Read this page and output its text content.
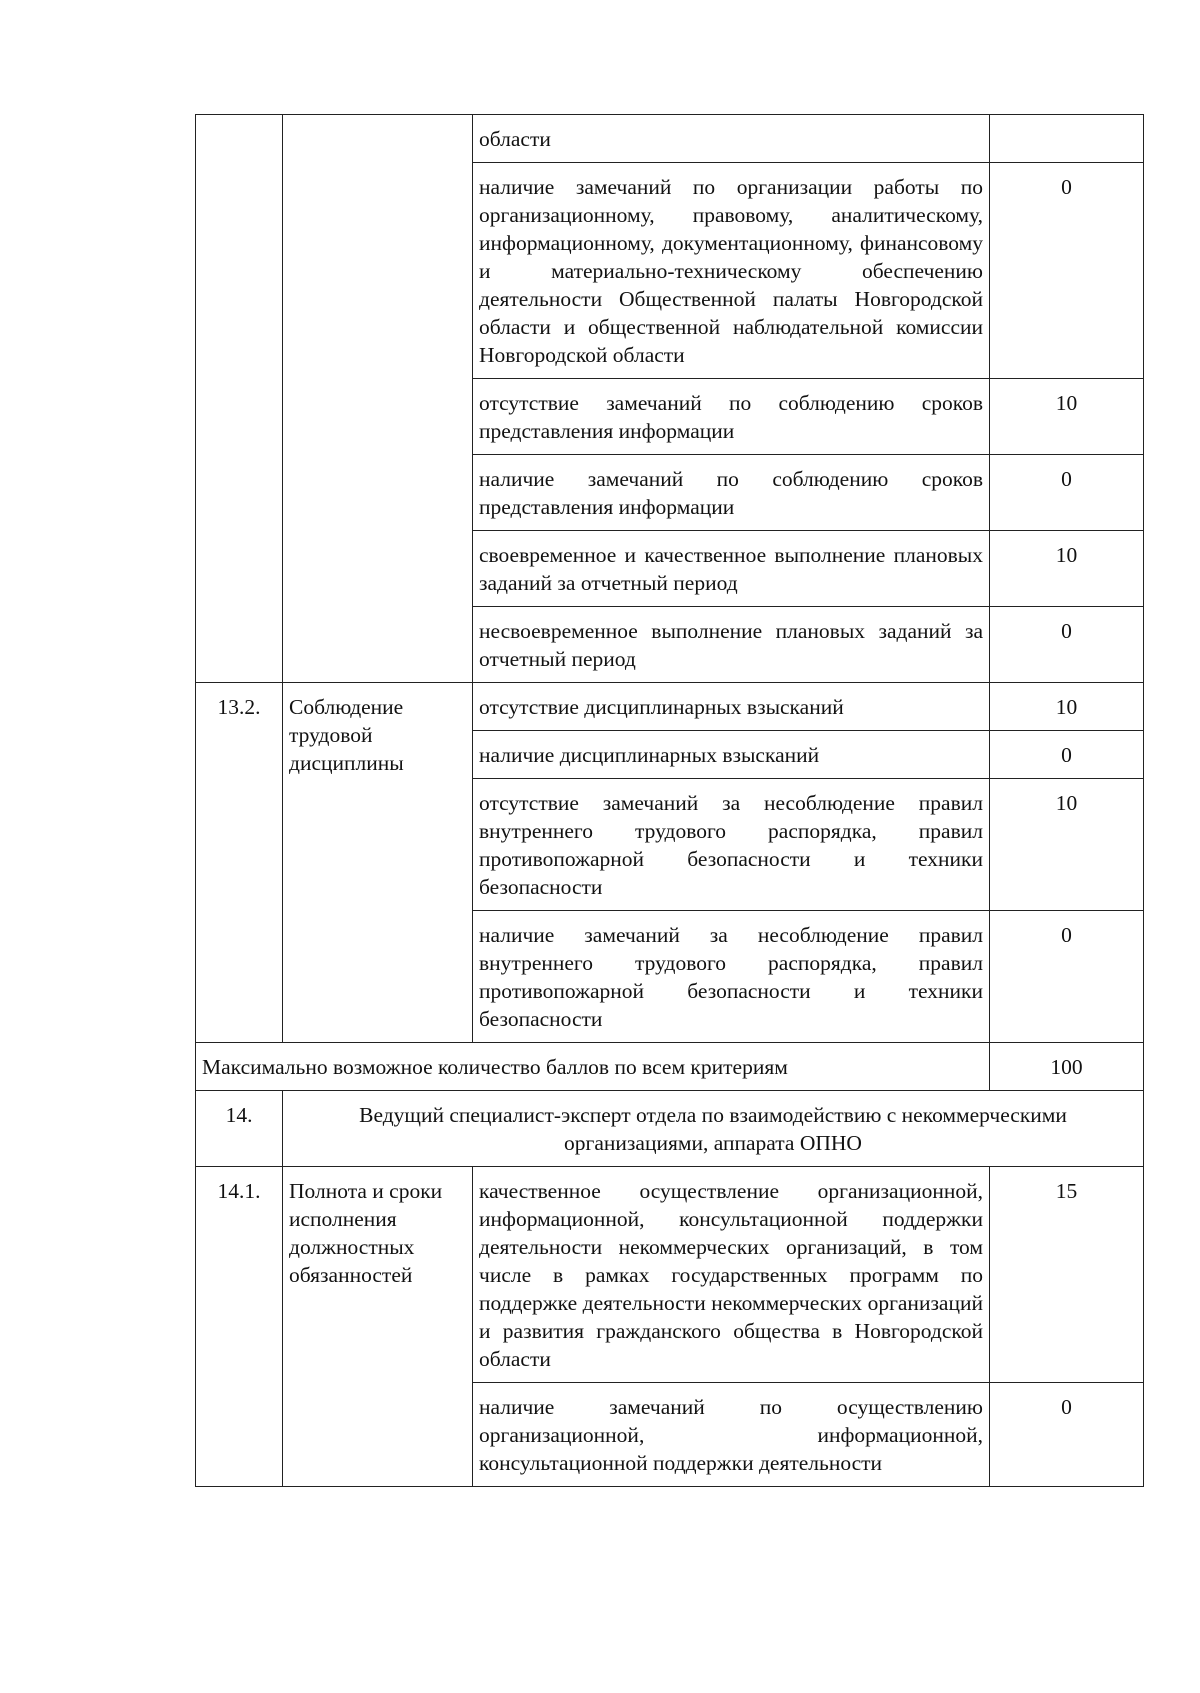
		области	
		наличие замечаний по организации работы по организационному, правовому, аналитическому, информационному, документационному, финансовому и материально-техническому обеспечению деятельности Общественной палаты Новгородской области и общественной наблюдательной комиссии Новгородской области	0
		отсутствие замечаний по соблюдению сроков представления информации	10
		наличие замечаний по соблюдению сроков представления информации	0
		своевременное и качественное выполнение плановых заданий за отчетный период	10
		несвоевременное выполнение плановых заданий за отчетный период	0
13.2.	Соблюдение трудовой дисциплины	отсутствие дисциплинарных взысканий	10
		наличие дисциплинарных взысканий	0
		отсутствие замечаний за несоблюдение правил внутреннего трудового распорядка, правил противопожарной безопасности и техники безопасности	10
		наличие замечаний за несоблюдение правил внутреннего трудового распорядка, правил противопожарной безопасности и техники безопасности	0
Максимально возможное количество баллов по всем критериям			100
14.	Ведущий специалист-эксперт отдела по взаимодействию с некоммерческими организациями, аппарата ОПНО		
14.1.	Полнота и сроки исполнения должностных обязанностей	качественное осуществление организационной, информационной, консультационной поддержки деятельности некоммерческих организаций, в том числе в рамках государственных программ по поддержке деятельности некоммерческих организаций и развития гражданского общества в Новгородской области	15
		наличие замечаний по осуществлению организационной, информационной, консультационной поддержки деятельности	0
